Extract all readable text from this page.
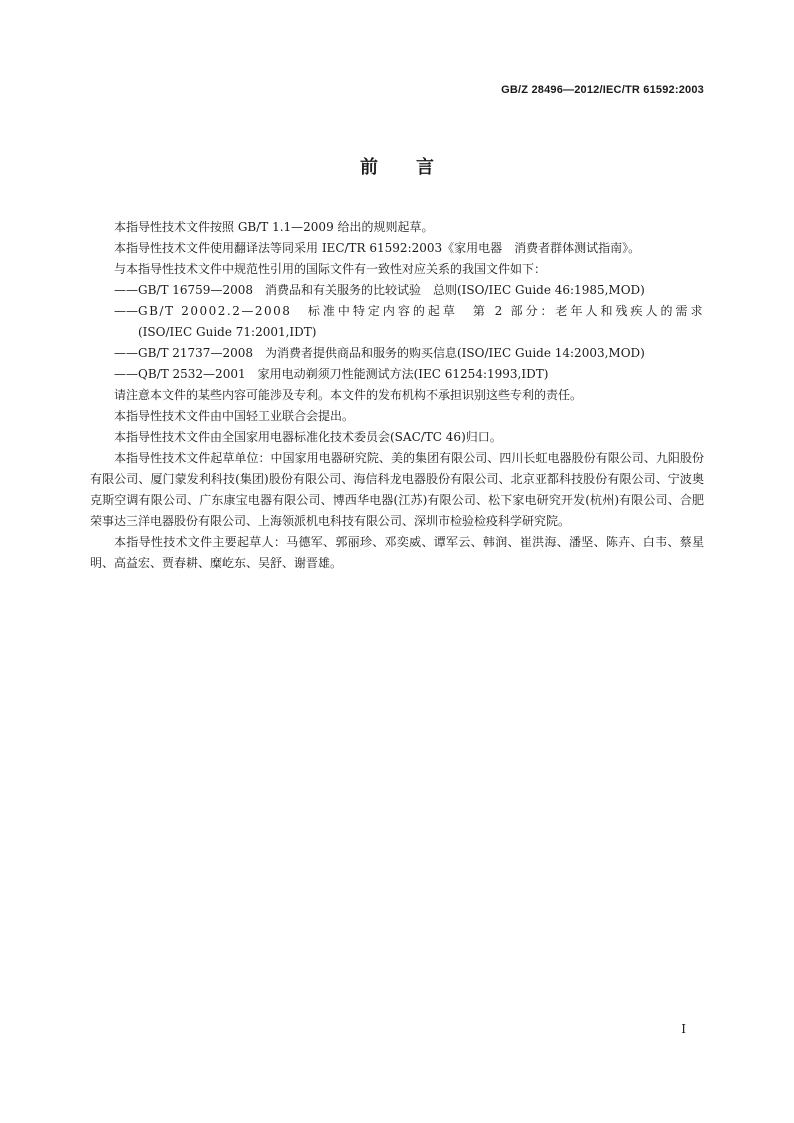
GB/Z 28496—2012/IEC/TR 61592:2003
前言

本指导性技术文件按照 GB/T 1.1—2009 给出的规则起草。

本指导性技术文件使用翻译法等同采用 IEC/TR 61592:2003《家用电器　消费者群体测试指南》。

与本指导性技术文件中规范性引用的国际文件有一致性对应关系的我国文件如下：

—— GB/T 16759—2008　消费品和有关服务的比较试验　总则(ISO/IEC Guide 46:1985,MOD)
—— GB/T 20002.2—2008　标准中特定内容的起草　第 2 部分：老年人和残疾人的需求
(ISO/IEC Guide 71:2001,IDT)
—— GB/T 21737—2008　为消费者提供商品和服务的购买信息(ISO/IEC Guide 14:2003,MOD)
—— QB/T 2532—2001　家用电动剃须刀性能测试方法(IEC 61254:1993,IDT)

请注意本文件的某些内容可能涉及专利。本文件的发布机构不承担识别这些专利的责任。

本指导性技术文件由中国轻工业联合会提出。

本指导性技术文件由全国家用电器标准化技术委员会(SAC/TC 46)归口。

本指导性技术文件起草单位：中国家用电器研究院、美的集团有限公司、四川长虹电器股份有限公司、九阳股份有限公司、厦门蒙发利科技(集团)股份有限公司、海信科龙电器股份有限公司、北京亚都科技股份有限公司、宁波奥克斯空调有限公司、广东康宝电器有限公司、博西华电器(江苏)有限公司、松下家电研究开发(杭州)有限公司、合肥荣事达三洋电器股份有限公司、上海领派机电科技有限公司、深圳市检验检疫科学研究院。

本指导性技术文件主要起草人：马德军、郭丽珍、邓奕威、谭军云、韩润、崔洪海、潘坚、陈卉、白韦、蔡星明、高益宏、贾春耕、糜屹东、吴舒、谢晋雄。

I
